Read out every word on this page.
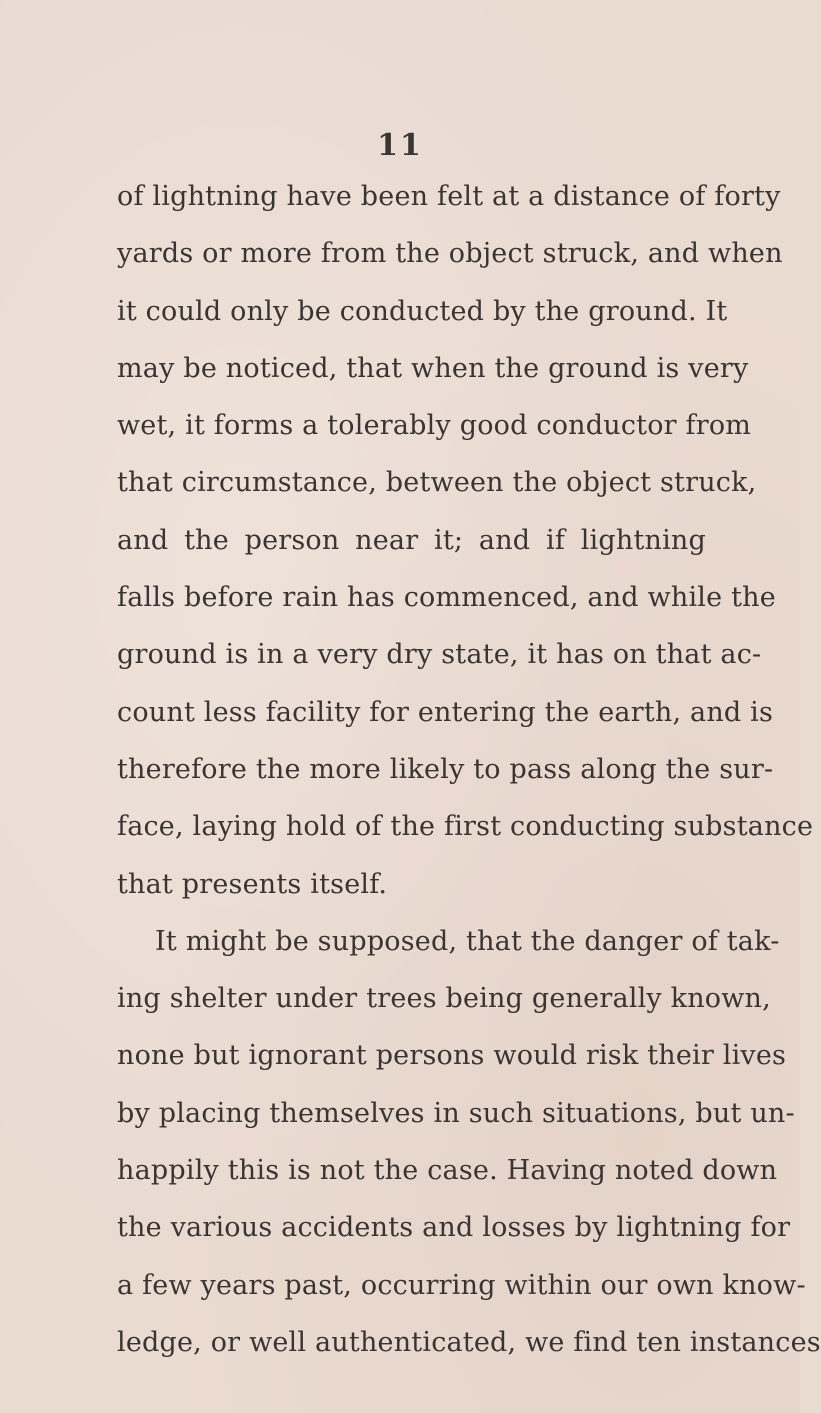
11
of lightning have been felt at a distance of forty
yards or more from the object struck, and when
it could only be conducted by the ground. It
may be noticed, that when the ground is very
wet, it forms a tolerably good conductor from
that circumstance, between the object struck,
and the person near it; and if lightning
falls before rain has commenced, and while the
ground is in a very dry state, it has on that ac-
count less facility for entering the earth, and is
therefore the more likely to pass along the sur-
face, laying hold of the first conducting substance
that presents itself.
It might be supposed, that the danger of tak-
ing shelter under trees being generally known,
none but ignorant persons would risk their lives
by placing themselves in such situations, but un-
happily this is not the case. Having noted down
the various accidents and losses by lightning for
a few years past, occurring within our own know-
ledge, or well authenticated, we find ten instances
